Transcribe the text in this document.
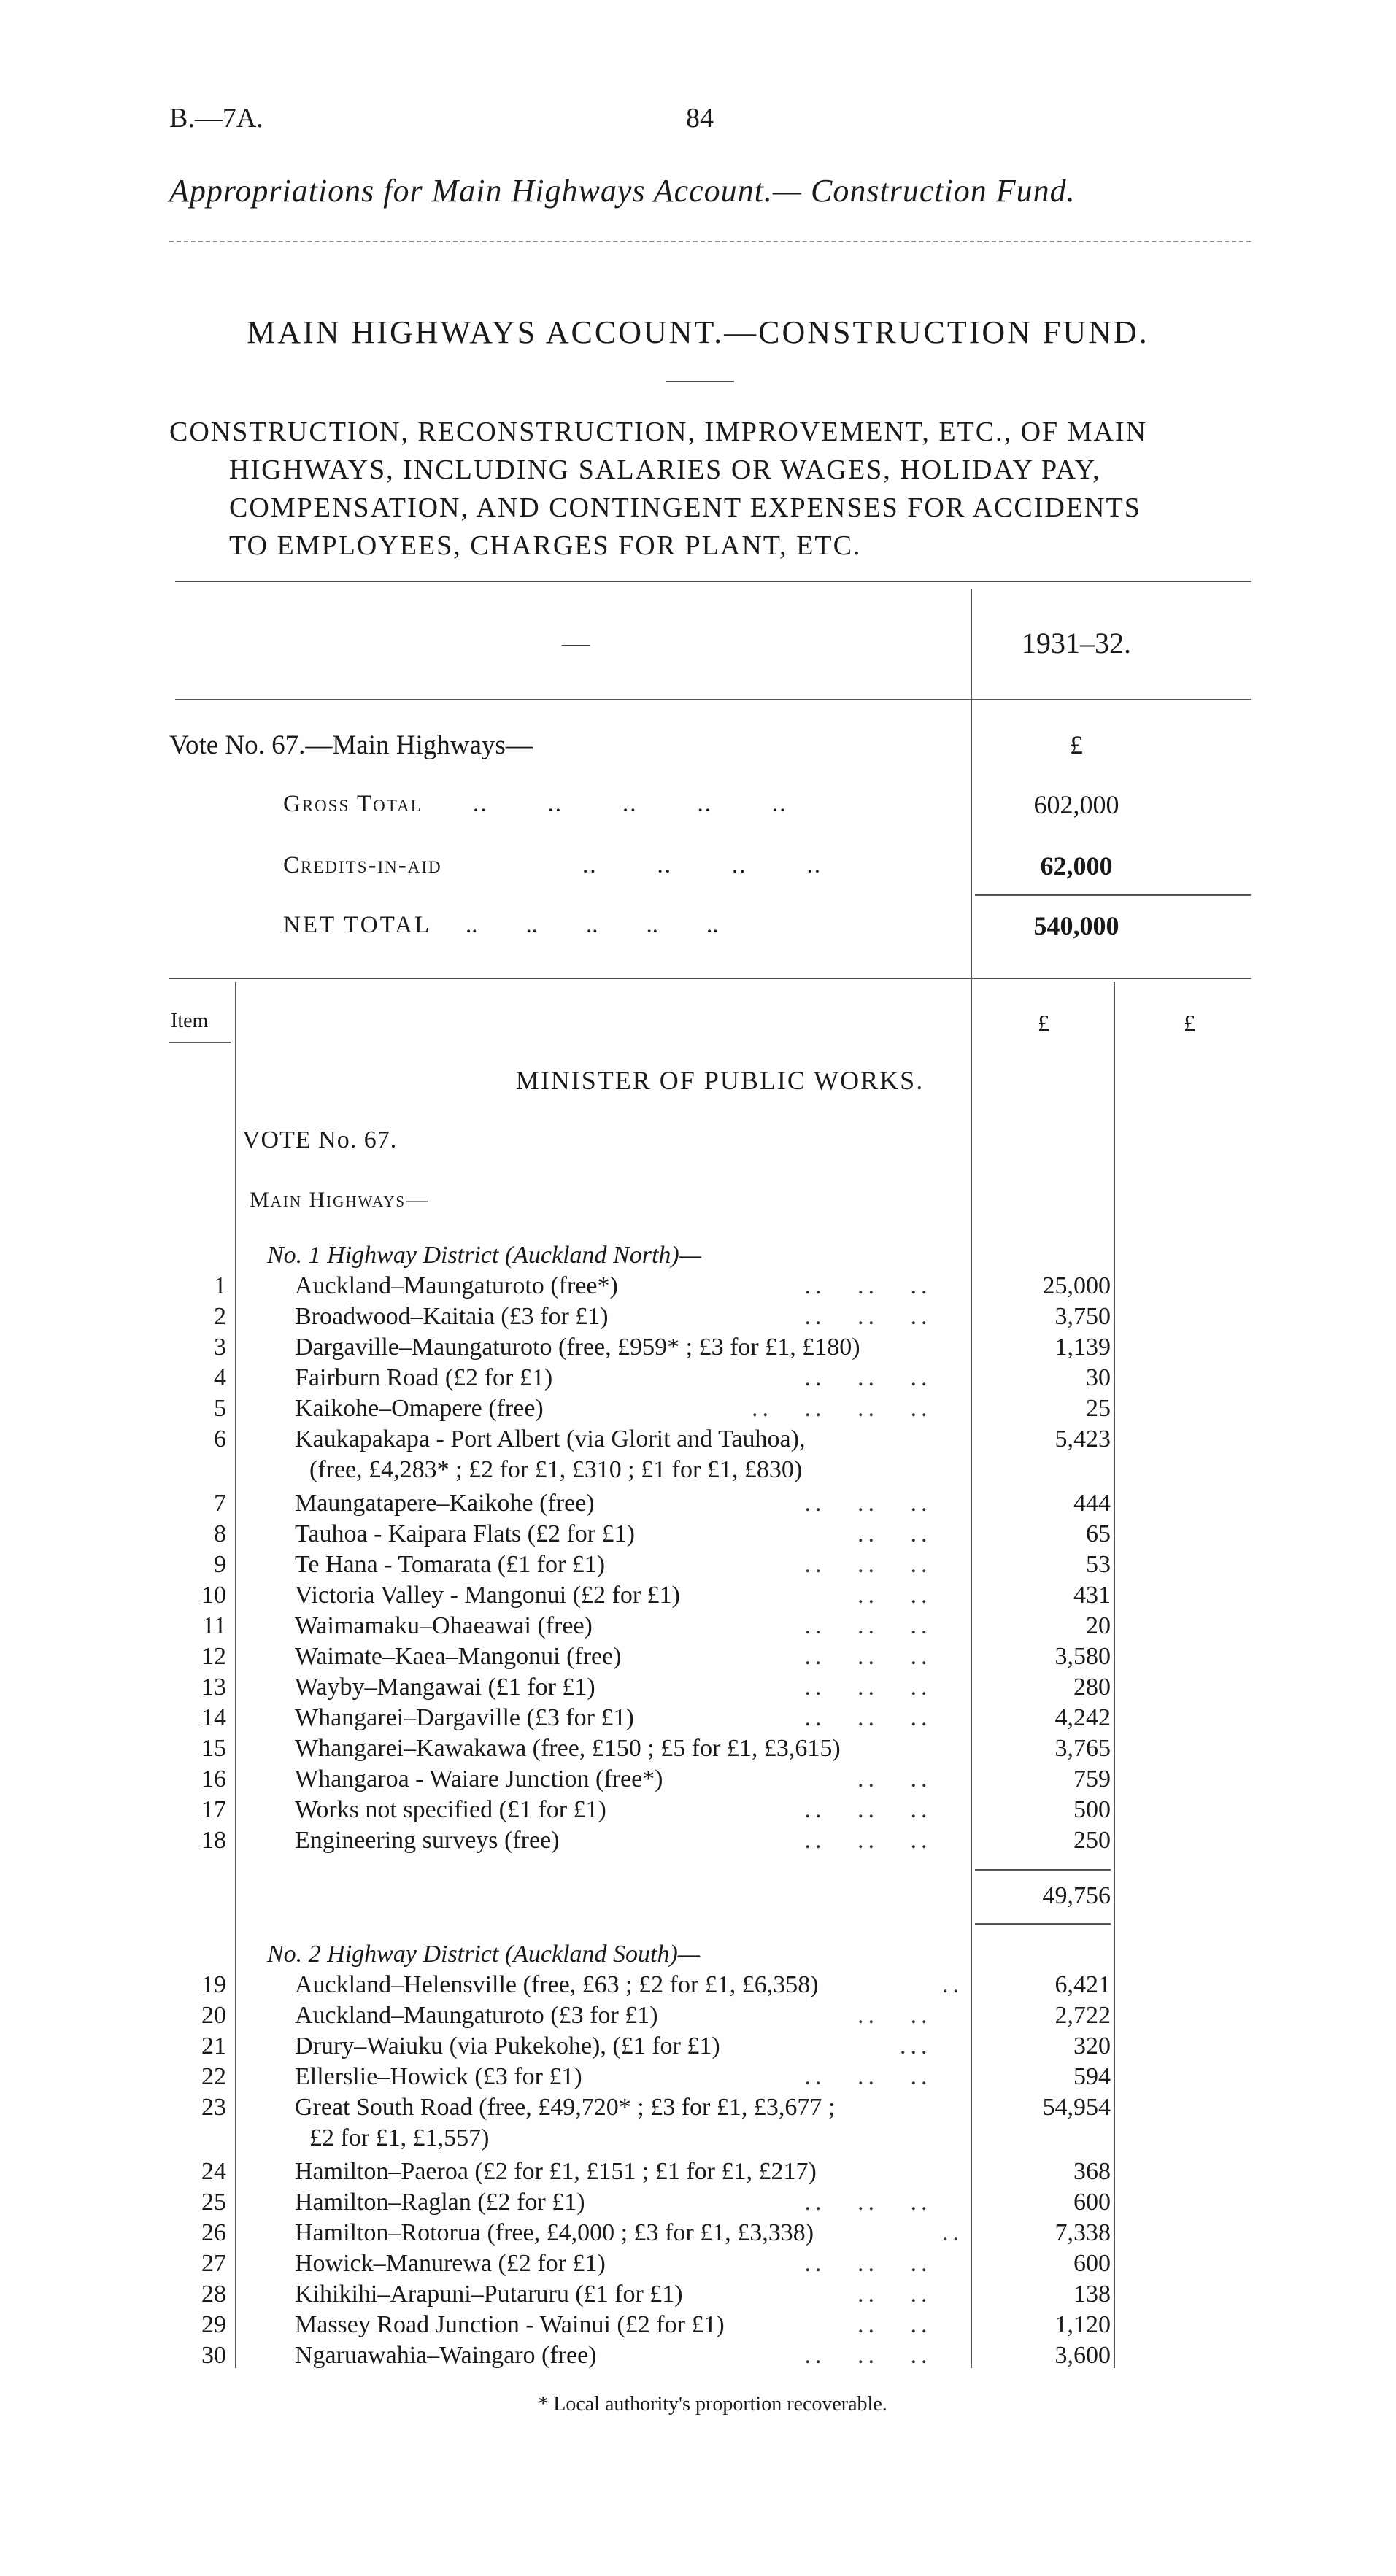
B.—7A.	84
Appropriations for Main Highways Account.— Construction Fund.
MAIN HIGHWAYS ACCOUNT.—CONSTRUCTION FUND.
CONSTRUCTION, RECONSTRUCTION, IMPROVEMENT, ETC., OF MAIN
HIGHWAYS, INCLUDING SALARIES OR WAGES, HOLIDAY PAY,
COMPENSATION, AND CONTINGENT EXPENSES FOR ACCIDENTS
TO EMPLOYEES, CHARGES FOR PLANT, ETC.
—	1931–32.
Vote No. 67.—Main Highways—	£
Gross Total ..        ..        ..        ..        ..	602,000
Credits-in-aid	..        ..        ..        ..	62,000
NET TOTAL ..        ..        ..        ..        ..	540,000
Item	£	£
MINISTER OF PUBLIC WORKS.
VOTE No. 67.
Main Highways—
No. 1 Highway District (Auckland North)—
1	Auckland–Maungaturoto (free*)	..   ..   ..	25,000
2	Broadwood–Kaitaia (£3 for £1)	..   ..   ..	3,750
3	Dargaville–Maungaturoto (free, £959* ; £3 for £1, £180)	1,139
4	Fairburn Road (£2 for £1)	..   ..   ..	30
5	Kaikohe–Omapere (free)	..   ..   ..   ..	25
6	Kaukapakapa - Port Albert (via Glorit and Tauhoa),	5,423
(free, £4,283* ; £2 for £1, £310 ; £1 for £1, £830)
7	Maungatapere–Kaikohe (free)	..   ..   ..	444
8	Tauhoa - Kaipara Flats (£2 for £1)	..   ..	65
9	Te Hana - Tomarata (£1 for £1)	..   ..   ..	53
10	Victoria Valley - Mangonui (£2 for £1)	..   ..	431
11	Waimamaku–Ohaeawai (free)	..   ..   ..	20
12	Waimate–Kaea–Mangonui (free)	..   ..   ..	3,580
13	Wayby–Mangawai (£1 for £1)	..   ..   ..	280
14	Whangarei–Dargaville (£3 for £1)	..   ..   ..	4,242
15	Whangarei–Kawakawa (free, £150 ; £5 for £1, £3,615)	3,765
16	Whangaroa - Waiare Junction (free*)	..   ..	759
17	Works not specified (£1 for £1)	..   ..   ..	500
18	Engineering surveys (free)	..   ..   ..	250
49,756
No. 2 Highway District (Auckland South)—
19	Auckland–Helensville (free, £63 ; £2 for £1, £6,358)	..	6,421
20	Auckland–Maungaturoto (£3 for £1)	..   ..	2,722
21	Drury–Waiuku (via Pukekohe), (£1 for £1)	...	320
22	Ellerslie–Howick (£3 for £1)	..   ..   ..	594
23	Great South Road (free, £49,720* ; £3 for £1, £3,677 ;	54,954
£2 for £1, £1,557)
24	Hamilton–Paeroa (£2 for £1, £151 ; £1 for £1, £217)	368
25	Hamilton–Raglan (£2 for £1)	..   ..   ..	600
26	Hamilton–Rotorua (free, £4,000 ; £3 for £1, £3,338)	..	7,338
27	Howick–Manurewa (£2 for £1)	..   ..   ..	600
28	Kihikihi–Arapuni–Putaruru (£1 for £1)	..   ..	138
29	Massey Road Junction - Wainui (£2 for £1)	..   ..	1,120
30	Ngaruawahia–Waingaro (free)	..   ..   ..	3,600
* Local authority's proportion recoverable.
